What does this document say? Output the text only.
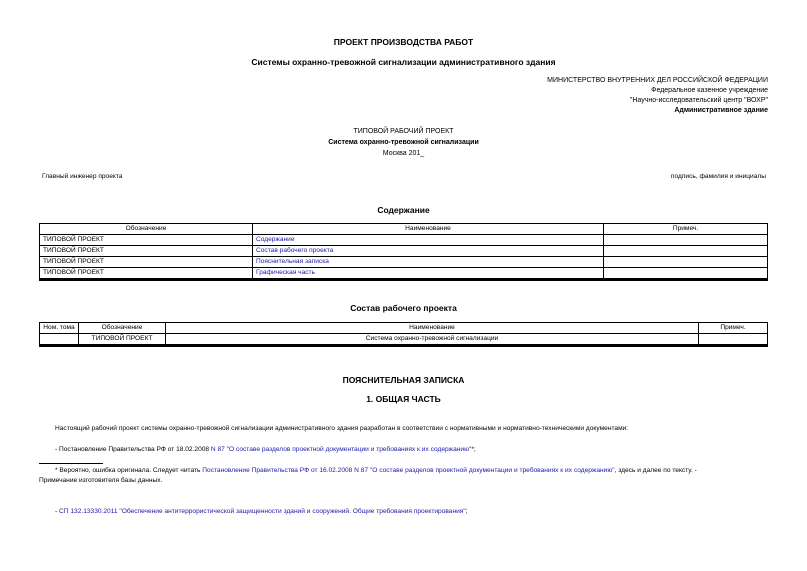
ПРОЕКТ ПРОИЗВОДСТВА РАБОТ
Системы охранно-тревожной сигнализации административного здания
МИНИСТЕРСТВО ВНУТРЕННИХ ДЕЛ РОССИЙСКОЙ ФЕДЕРАЦИИ
Федеральное казенное учреждение
"Научно-исследовательский центр "ВОХР"
Административное здание
ТИПОВОЙ РАБОЧИЙ ПРОЕКТ
Система охранно-тревожной сигнализации
Москва 201_
Главный инженер проекта	подпись, фамилия и инициалы
Содержание
Обозначение	Наименование	Примеч.
ТИПОВОЙ ПРОЕКТ	Содержание	
ТИПОВОЙ ПРОЕКТ	Состав рабочего проекта	
ТИПОВОЙ ПРОЕКТ	Пояснительная записка	
ТИПОВОЙ ПРОЕКТ	Графическая часть	
Состав рабочего проекта
Ном. тома	Обозначение	Наименование	Примеч.
	ТИПОВОЙ ПРОЕКТ	Система охранно-тревожной сигнализации	
ПОЯСНИТЕЛЬНАЯ ЗАПИСКА
1. ОБЩАЯ ЧАСТЬ
Настоящий рабочий проект системы охранно-тревожной сигнализации административного здания разработан в соответствии с нормативными и нормативно-техническими документами:
- Постановление Правительства РФ от 18.02.2008 N 87 "О составе разделов проектной документации и требованиях к их содержанию"*;
* Вероятно, ошибка оригинала. Следует читать Постановление Правительства РФ от 16.02.2008 N 87 "О составе разделов проектной документации и требованиях к их содержанию", здесь и далее по тексту. -
Примечание изготовителя базы данных.
- СП 132.13330.2011 "Обеспечение антитеррористической защищенности зданий и сооружений. Общие требования проектирования";
